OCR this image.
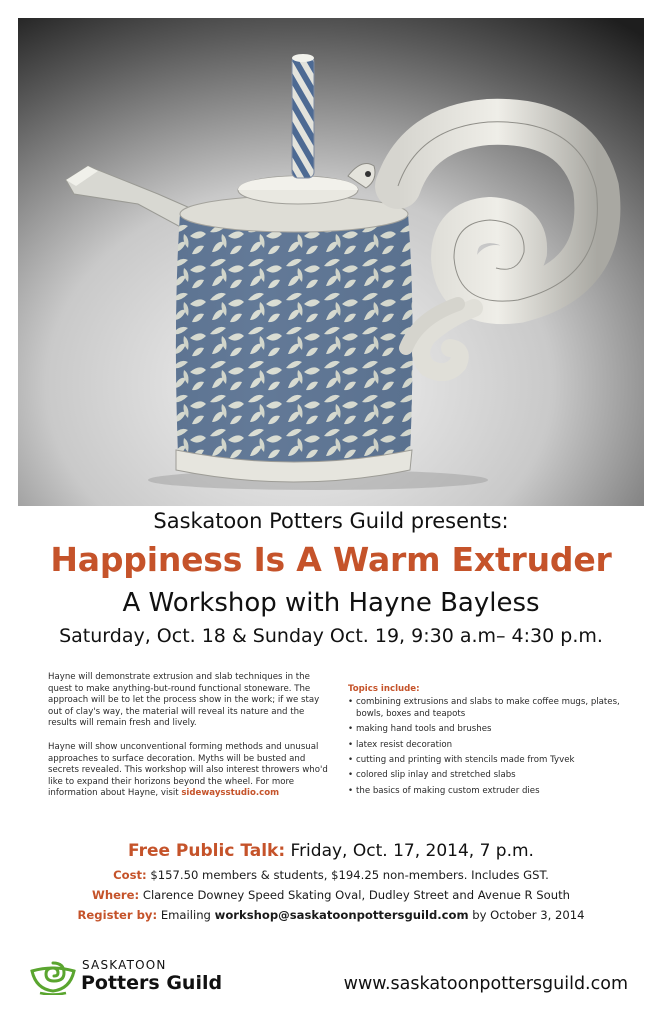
Saskatoon Potters Guild presents:
Happiness Is A Warm Extruder
A Workshop with Hayne Bayless
Saturday, Oct. 18 & Sunday Oct. 19, 9:30 a.m– 4:30 p.m.

Hayne will demonstrate extrusion and slab techniques in the quest to make anything-but-round functional stoneware. The approach will be to let the process show in the work; if we stay out of clay's way, the material will reveal its nature and the results will remain fresh and lively.

Hayne will show unconventional forming methods and unusual approaches to surface decoration. Myths will be busted and secrets revealed. This workshop will also interest throwers who'd like to expand their horizons beyond the wheel. For more information about Hayne, visit sidewaysstudio.com

Topics include:
• combining extrusions and slabs to make coffee mugs, plates, bowls, boxes and teapots
• making hand tools and brushes
• latex resist decoration
• cutting and printing with stencils made from Tyvek
• colored slip inlay and stretched slabs
• the basics of making custom extruder dies
Free Public Talk: Friday, Oct. 17, 2014, 7 p.m.
Cost: $157.50 members & students, $194.25 non-members. Includes GST.
Where: Clarence Downey Speed Skating Oval, Dudley Street and Avenue R South
Register by: Emailing workshop@saskatoonpottersguild.com by October 3, 2014
SASKATOON
Potters Guild	www.saskatoonpottersguild.com
